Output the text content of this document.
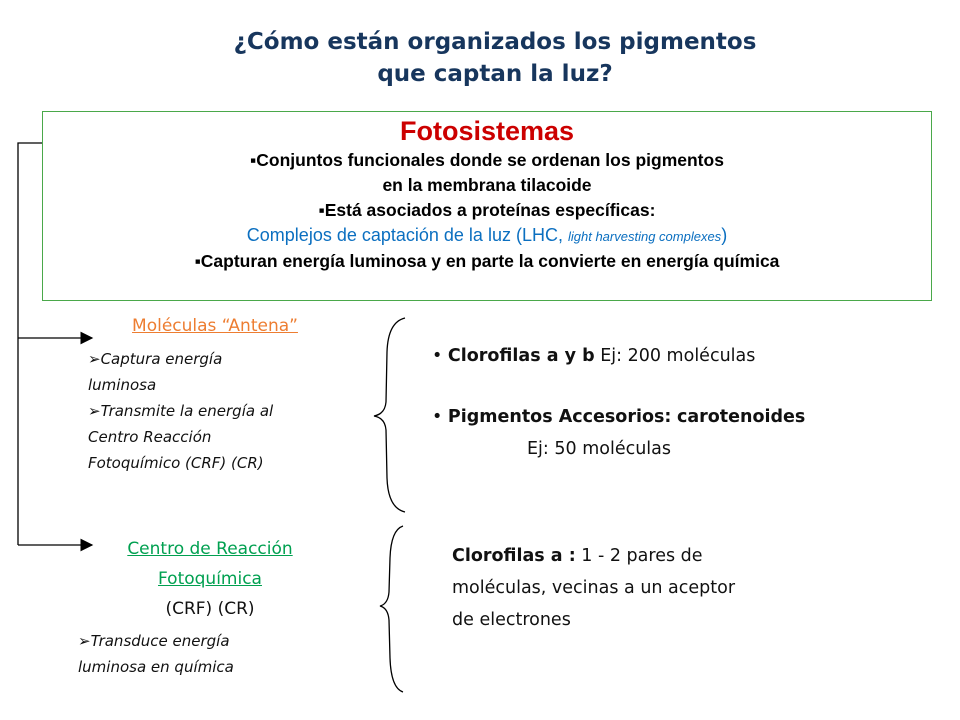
¿Cómo están organizados los pigmentos
que captan la luz?
Fotosistemas
▪Conjuntos funcionales donde se ordenan los pigmentos
en la membrana tilacoide
▪Está asociados a proteínas específicas:
Complejos de captación de la luz (LHC, light harvesting complexes)
▪Capturan energía luminosa y en parte la convierte en energía química
Moléculas “Antena”
➢Captura energía
luminosa
➢Transmite la energía al
Centro Reacción
Fotoquímico (CRF) (CR)
• Clorofilas a y b Ej: 200 moléculas
• Pigmentos Accesorios: carotenoides
Ej: 50 moléculas
Centro de Reacción
Fotoquímica
(CRF) (CR)
➢Transduce energía
luminosa en química
Clorofilas a : 1 - 2 pares de
moléculas, vecinas a un aceptor
de electrones
